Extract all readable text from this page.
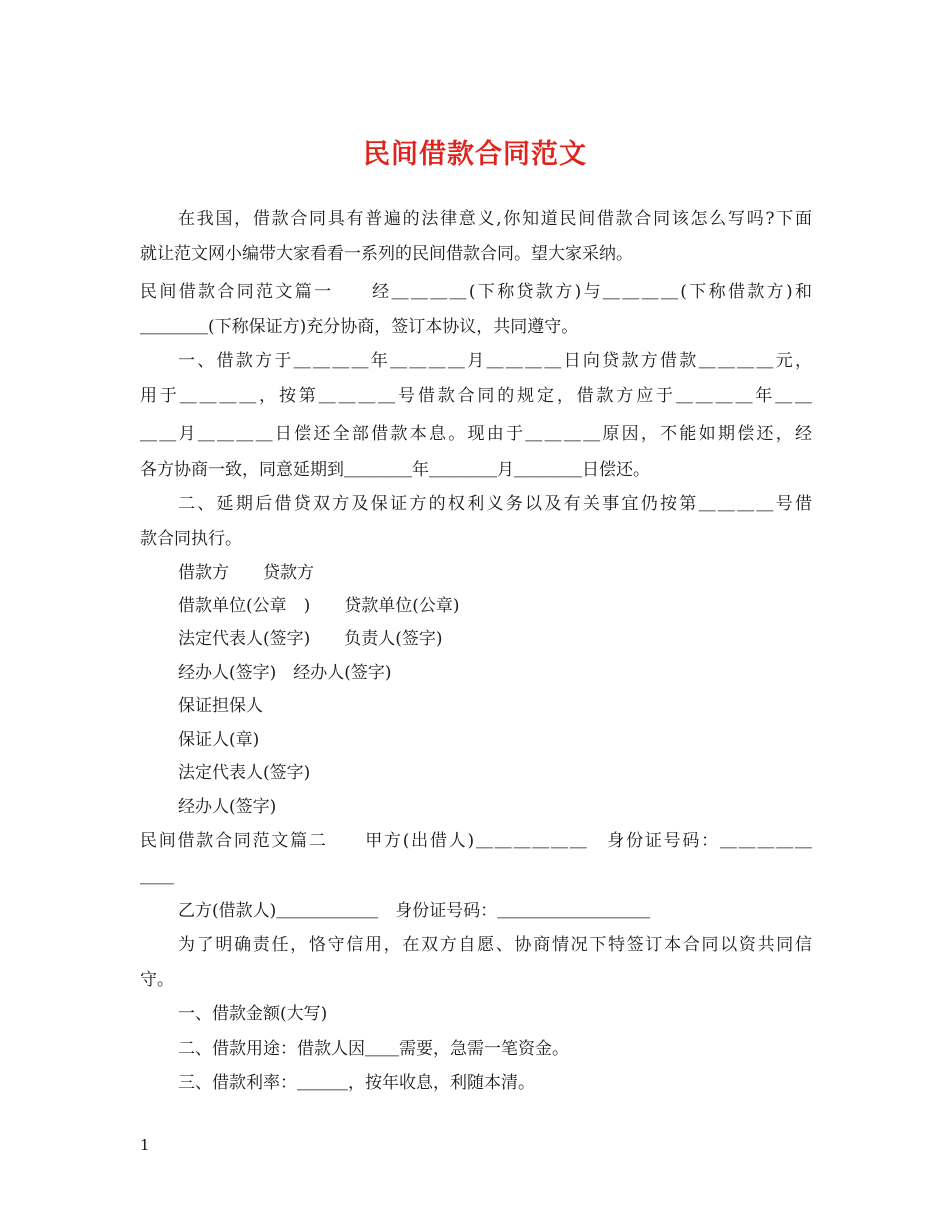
民间借款合同范文
在我国，借款合同具有普遍的法律意义,你知道民间借款合同该怎么写吗?下面
就让范文网小编带大家看看一系列的民间借款合同。望大家采纳。
民间借款合同范文篇一　　经＿＿＿＿(下称贷款方)与＿＿＿＿(下称借款方)和
＿＿＿＿(下称保证方)充分协商，签订本协议，共同遵守。
一、借款方于＿＿＿＿年＿＿＿＿月＿＿＿＿日向贷款方借款＿＿＿＿元，
用于＿＿＿＿，按第＿＿＿＿号借款合同的规定，借款方应于＿＿＿＿年＿＿
＿＿月＿＿＿＿日偿还全部借款本息。现由于＿＿＿＿原因，不能如期偿还，经
各方协商一致，同意延期到＿＿＿＿年＿＿＿＿月＿＿＿＿日偿还。
二、延期后借贷双方及保证方的权利义务以及有关事宜仍按第＿＿＿＿号借
款合同执行。
借款方　　贷款方
借款单位(公章　)　　贷款单位(公章)
法定代表人(签字)　　负责人(签字)
经办人(签字)　经办人(签字)
保证担保人
保证人(章)
法定代表人(签字)
经办人(签字)
民间借款合同范文篇二　　甲方(出借人)＿＿＿＿＿＿　身份证号码：＿＿＿＿＿
＿＿
乙方(借款人)＿＿＿＿＿＿　身份证号码：＿＿＿＿＿＿＿＿＿
为了明确责任，恪守信用，在双方自愿、协商情况下特签订本合同以资共同信
守。
一、借款金额(大写)
二、借款用途：借款人因＿＿需要，急需一笔资金。
三、借款利率：＿＿＿，按年收息，利随本清。
1
